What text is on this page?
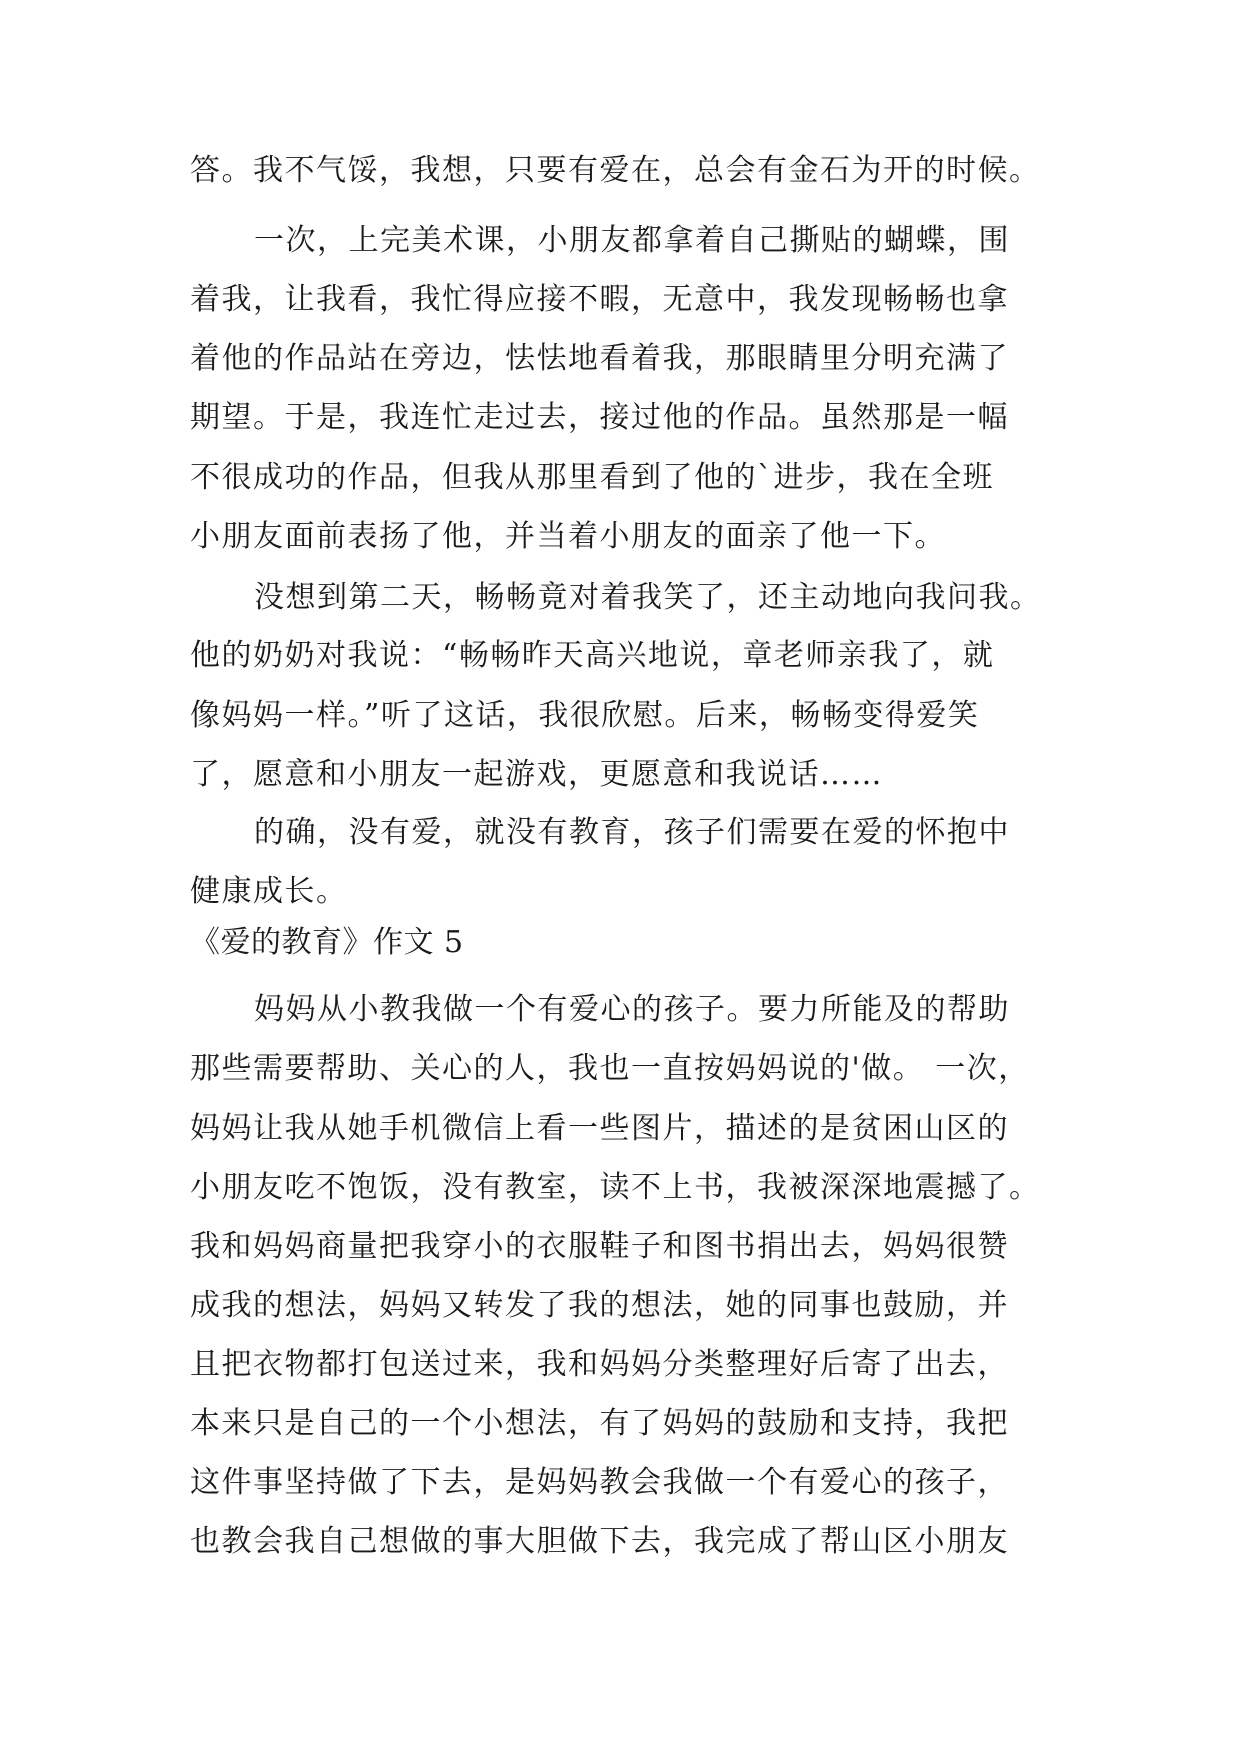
答。我不气馁，我想，只要有爱在，总会有金石为开的时候。
一次，上完美术课，小朋友都拿着自己撕贴的蝴蝶，围
着我，让我看，我忙得应接不暇，无意中，我发现畅畅也拿
着他的作品站在旁边，怯怯地看着我，那眼睛里分明充满了
期望。于是，我连忙走过去，接过他的作品。虽然那是一幅
不很成功的作品，但我从那里看到了他的`进步，我在全班
小朋友面前表扬了他，并当着小朋友的面亲了他一下。
没想到第二天，畅畅竟对着我笑了，还主动地向我问我。
他的奶奶对我说：“畅畅昨天高兴地说，章老师亲我了，就
像妈妈一样。”听了这话，我很欣慰。后来，畅畅变得爱笑
了，愿意和小朋友一起游戏，更愿意和我说话……
的确，没有爱，就没有教育，孩子们需要在爱的怀抱中
健康成长。
《爱的教育》作文 5
妈妈从小教我做一个有爱心的孩子。要力所能及的帮助
那些需要帮助、关心的人，我也一直按妈妈说的'做。 一次，
妈妈让我从她手机微信上看一些图片，描述的是贫困山区的
小朋友吃不饱饭，没有教室，读不上书，我被深深地震撼了。
我和妈妈商量把我穿小的衣服鞋子和图书捐出去，妈妈很赞
成我的想法，妈妈又转发了我的想法，她的同事也鼓励，并
且把衣物都打包送过来，我和妈妈分类整理好后寄了出去，
本来只是自己的一个小想法，有了妈妈的鼓励和支持，我把
这件事坚持做了下去，是妈妈教会我做一个有爱心的孩子，
也教会我自己想做的事大胆做下去，我完成了帮山区小朋友
